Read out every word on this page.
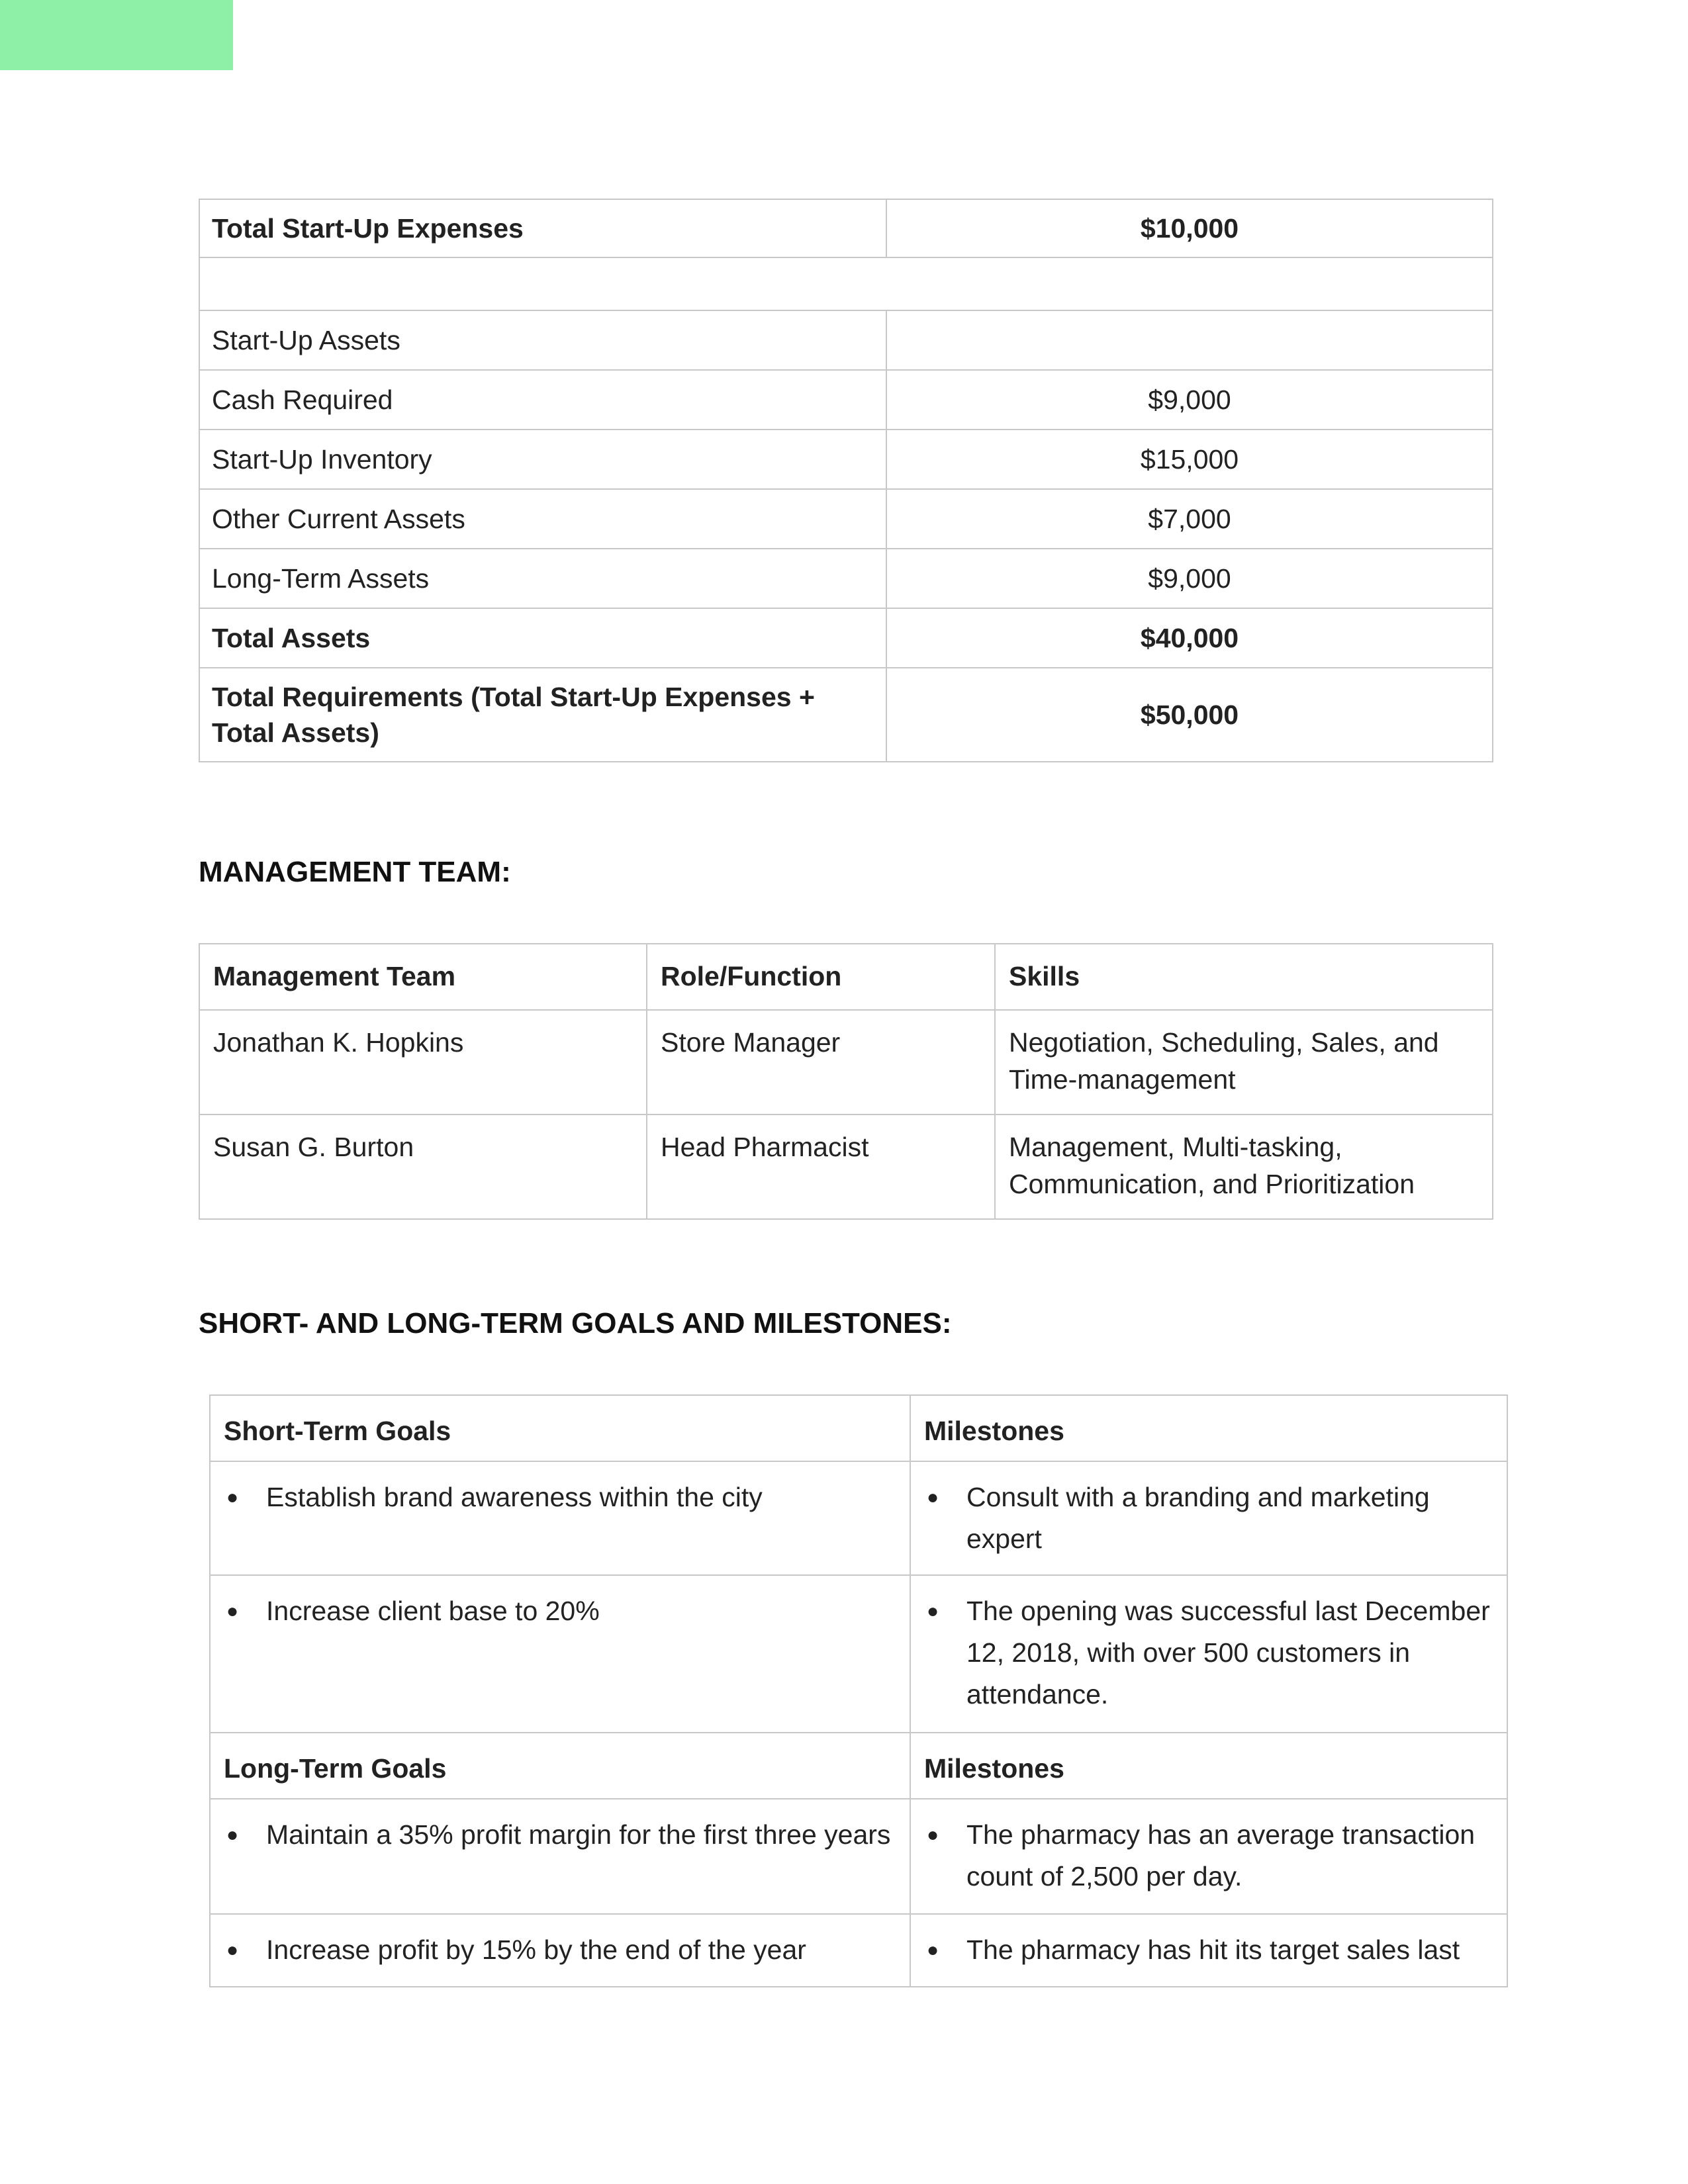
Total Start-Up Expenses	$10,000

Start-Up Assets	
Cash Required	$9,000
Start-Up Inventory	$15,000
Other Current Assets	$7,000
Long-Term Assets	$9,000
Total Assets	$40,000
Total Requirements (Total Start-Up Expenses + Total Assets)	$50,000
MANAGEMENT TEAM:
Management Team	Role/Function	Skills
Jonathan K. Hopkins	Store Manager	Negotiation, Scheduling, Sales, and Time-management
Susan G. Burton	Head Pharmacist	Management, Multi-tasking, Communication, and Prioritization
SHORT- AND LONG-TERM GOALS AND MILESTONES:
Short-Term Goals	Milestones

● Establish brand awareness within the city	● Consult with a branding and marketing expert

● Increase client base to 20%	● The opening was successful last December 12, 2018, with over 500 customers in attendance.

Long-Term Goals	Milestones

● Maintain a 35% profit margin for the first three years	● The pharmacy has an average transaction count of 2,500 per day.

● Increase profit by 15% by the end of the year	● The pharmacy has hit its target sales last
